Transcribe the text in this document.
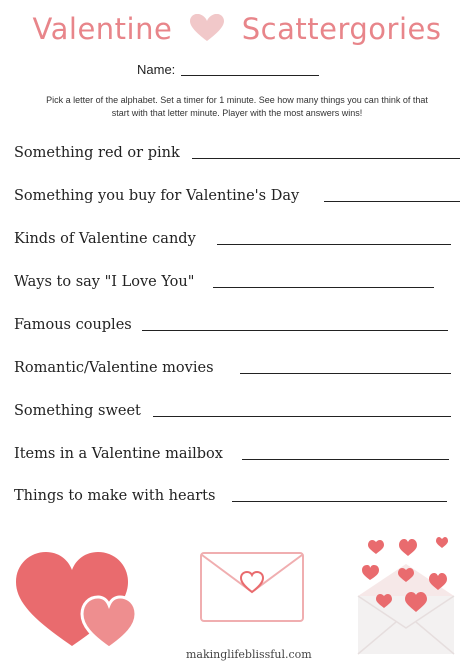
Valentine Scattergories
Name:
Pick a letter of the alphabet. Set a timer for 1 minute. See how many things you can think of that
start with that letter minute. Player with the most answers wins!
Something red or pink
Something you buy for Valentine's Day
Kinds of Valentine candy
Ways to say "I Love You"
Famous couples
Romantic/Valentine movies
Something sweet
Items in a Valentine mailbox
Things to make with hearts
makinglifeblissful.com
